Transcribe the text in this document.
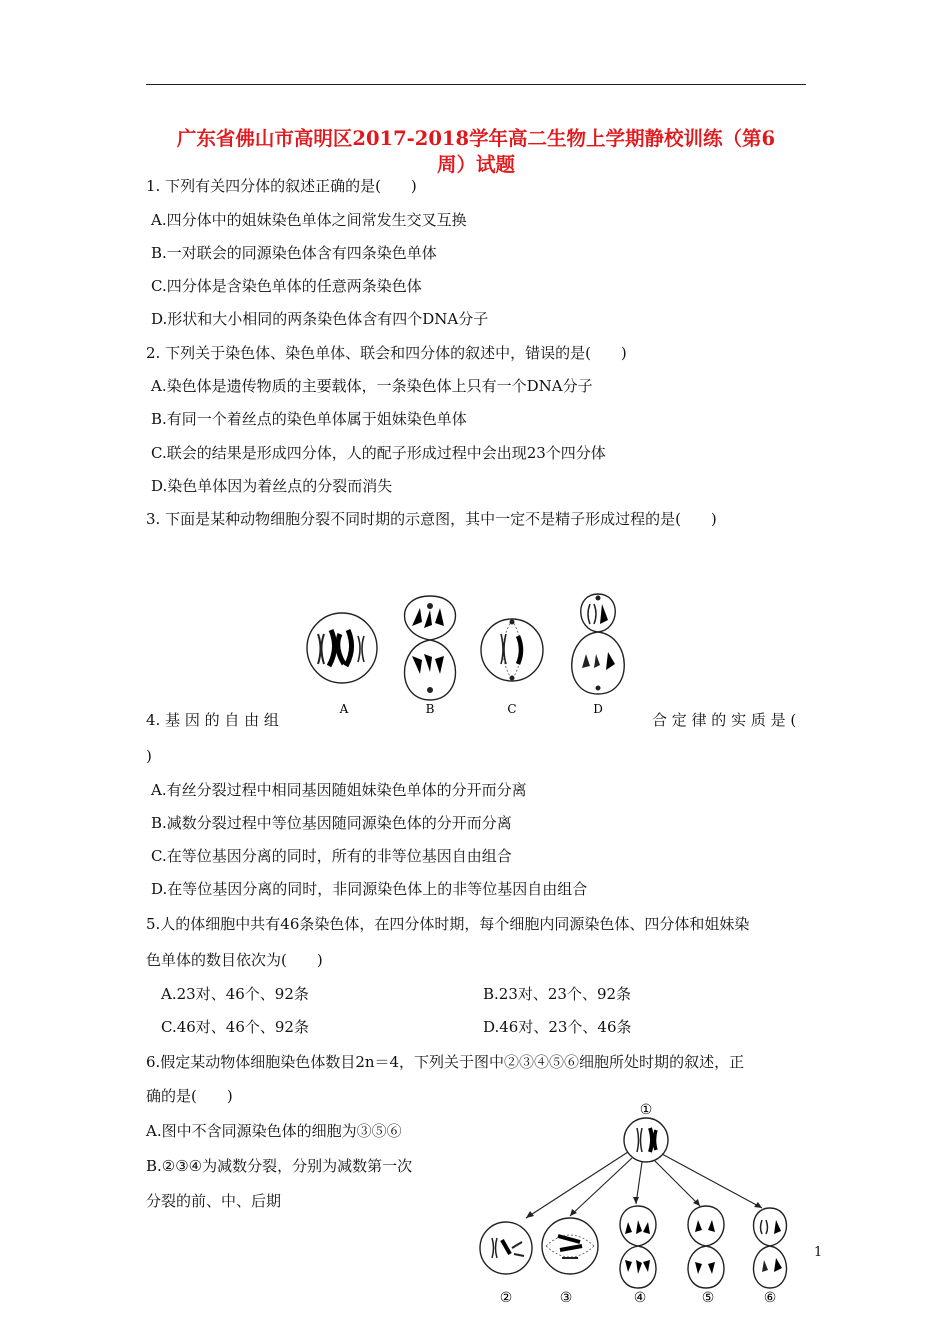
广东省佛山市高明区2017-2018学年高二生物上学期静校训练（第6
周）试题
1. 下列有关四分体的叙述正确的是(　　)
A.四分体中的姐妹染色单体之间常发生交叉互换
B.一对联会的同源染色体含有四条染色单体
C.四分体是含染色单体的任意两条染色体
D.形状和大小相同的两条染色体含有四个DNA分子
2. 下列关于染色体、染色单体、联会和四分体的叙述中，错误的是(　　)
A.染色体是遗传物质的主要载体，一条染色体上只有一个DNA分子
B.有同一个着丝点的染色单体属于姐妹染色单体
C.联会的结果是形成四分体，人的配子形成过程中会出现23个四分体
D.染色单体因为着丝点的分裂而消失
3. 下面是某种动物细胞分裂不同时期的示意图，其中一定不是精子形成过程的是(　　)
A	B	C	D
4. 基 因 的 自 由 组	合 定 律 的 实 质 是 (
)
A.有丝分裂过程中相同基因随姐妹染色单体的分开而分离
B.减数分裂过程中等位基因随同源染色体的分开而分离
C.在等位基因分离的同时，所有的非等位基因自由组合
D.在等位基因分离的同时，非同源染色体上的非等位基因自由组合
5.人的体细胞中共有46条染色体，在四分体时期，每个细胞内同源染色体、四分体和姐妹染
色单体的数目依次为(　　)
A.23对、46个、92条	B.23对、23个、92条
C.46对、46个、92条	D.46对、23个、46条
6.假定某动物体细胞染色体数目2n＝4，下列关于图中②③④⑤⑥细胞所处时期的叙述，正
确的是(　　)
A.图中不含同源染色体的细胞为③⑤⑥
B.②③④为减数分裂，分别为减数第一次
分裂的前、中、后期
①
②	③	④	⑤	⑥
1
